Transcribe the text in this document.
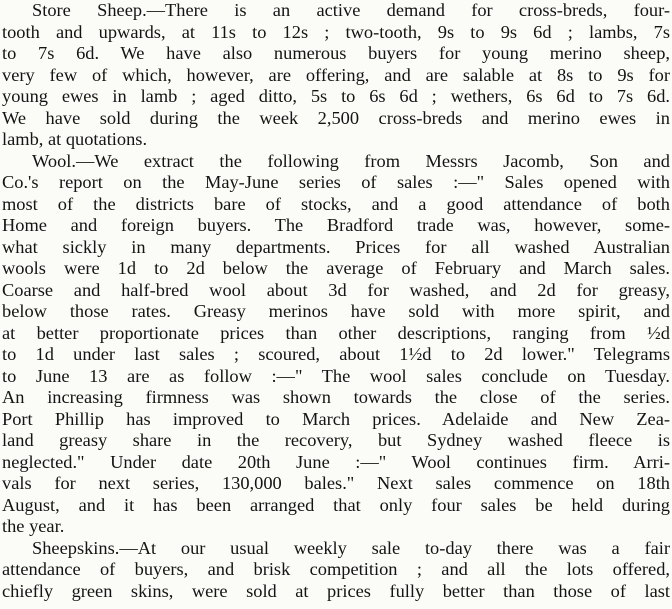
Store Sheep.—There is an active demand for cross-breds, four-
tooth and upwards, at 11s to 12s ; two-tooth, 9s to 9s 6d ; lambs, 7s
to 7s 6d. We have also numerous buyers for young merino sheep,
very few of which, however, are offering, and are salable at 8s to 9s for
young ewes in lamb ; aged ditto, 5s to 6s 6d ; wethers, 6s 6d to 7s 6d.
We have sold during the week 2,500 cross-breds and merino ewes in
lamb, at quotations.
Wool.—We extract the following from Messrs Jacomb, Son and
Co.'s report on the May-June series of sales :—" Sales opened with
most of the districts bare of stocks, and a good attendance of both
Home and foreign buyers. The Bradford trade was, however, some-
what sickly in many departments. Prices for all washed Australian
wools were 1d to 2d below the average of February and March sales.
Coarse and half-bred wool about 3d for washed, and 2d for greasy,
below those rates. Greasy merinos have sold with more spirit, and
at better proportionate prices than other descriptions, ranging from ½d
to 1d under last sales ; scoured, about 1½d to 2d lower." Telegrams
to June 13 are as follow :—" The wool sales conclude on Tuesday.
An increasing firmness was shown towards the close of the series.
Port Phillip has improved to March prices. Adelaide and New Zea-
land greasy share in the recovery, but Sydney washed fleece is
neglected." Under date 20th June :—" Wool continues firm. Arri-
vals for next series, 130,000 bales." Next sales commence on 18th
August, and it has been arranged that only four sales be held during
the year.
Sheepskins.—At our usual weekly sale to-day there was a fair
attendance of buyers, and brisk competition ; and all the lots offered,
chiefly green skins, were sold at prices fully better than those of last
